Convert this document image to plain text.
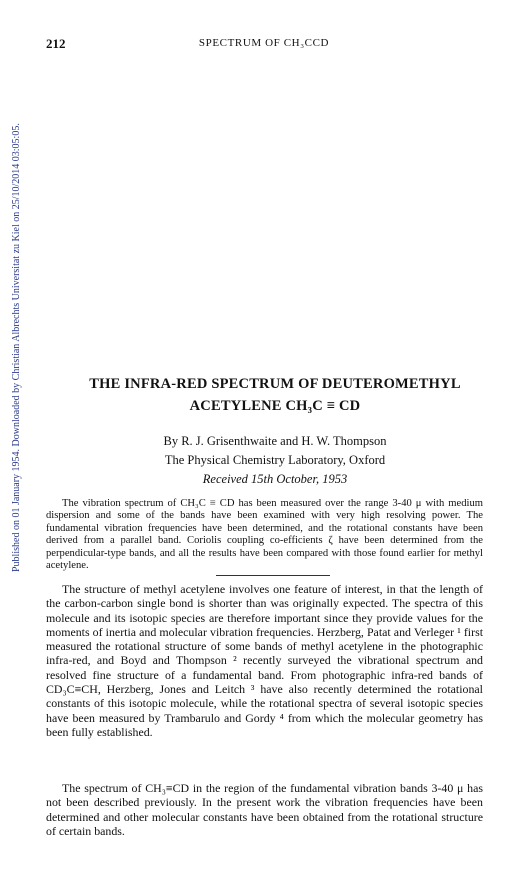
212	SPECTRUM OF CH₃CCD
Published on 01 January 1954. Downloaded by Christian Albrechts Universitat zu Kiel on 25/10/2014 03:05:05.	THE INFRA-RED SPECTRUM OF DEUTEROMETHYL
ACETYLENE CH₃C ≡ CD
By R. J. Grisenthwaite and H. W. Thompson
The Physical Chemistry Laboratory, Oxford
Received 15th October, 1953

The vibration spectrum of CH₃C ≡ CD has been measured over the range 3-40 μ with medium dispersion and some of the bands have been examined with very high resolving power. The fundamental vibration frequencies have been determined, and the rotational constants have been derived from a parallel band. Coriolis coupling co-efficients ζ have been determined from the perpendicular-type bands, and all the results have been compared with those found earlier for methyl acetylene.

The structure of methyl acetylene involves one feature of interest, in that the length of the carbon-carbon single bond is shorter than was originally expected. The spectra of this molecule and its isotopic species are therefore important since they provide values for the moments of inertia and molecular vibration frequencies. Herzberg, Patat and Verleger ¹ first measured the rotational structure of some bands of methyl acetylene in the photographic infra-red, and Boyd and Thompson ² recently surveyed the vibrational spectrum and resolved fine structure of a fundamental band. From photographic infra-red bands of CD₃C≡CH, Herzberg, Jones and Leitch ³ have also recently determined the rotational constants of this isotopic molecule, while the rotational spectra of several isotopic species have been measured by Trambarulo and Gordy ⁴ from which the molecular geometry has been fully established.

The spectrum of CH₃≡CD in the region of the fundamental vibration bands 3-40 μ has not been described previously. In the present work the vibration frequencies have been determined and other molecular constants have been obtained from the rotational structure of certain bands.
